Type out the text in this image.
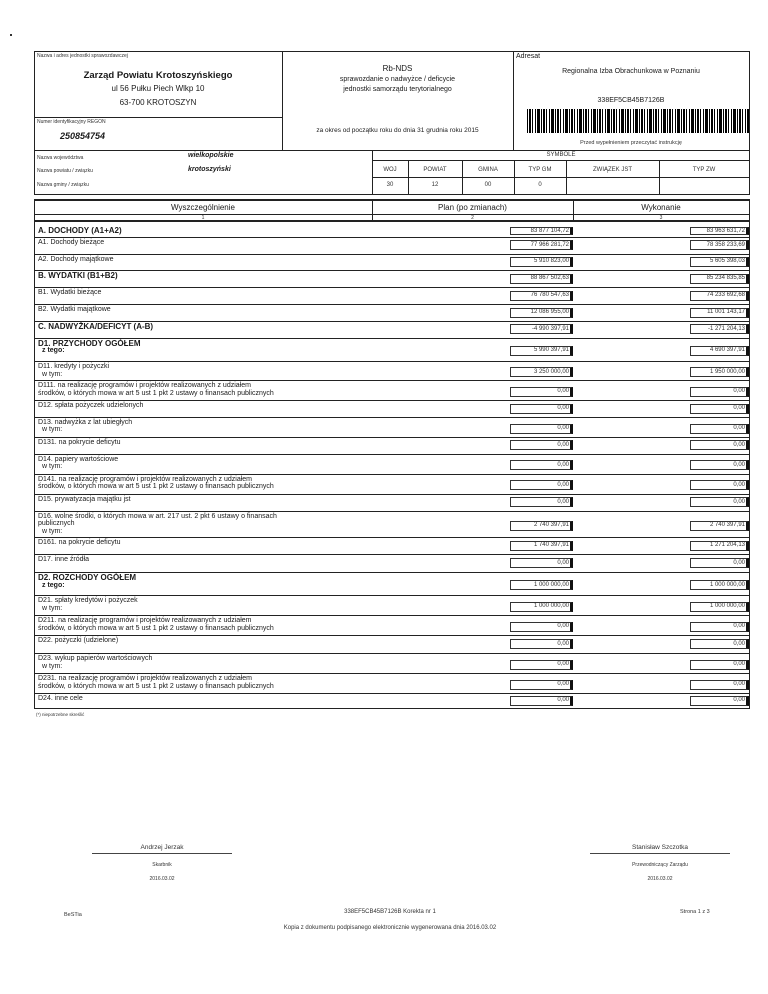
Nazwa i adres jednostki sprawozdawczej
Zarząd Powiatu Krotoszyńskiego
ul 56 Pułku Piech Wlkp 10
63-700 KROTOSZYN
Numer identyfikacyjny REGON
250854754
Rb-NDS
sprawozdanie o nadwyżce / deficycie
jednostki samorządu terytorialnego
za okres od początku roku do dnia 31 grudnia roku 2015
Adresat
Regionalna Izba Obrachunkowa w Poznaniu
338EF5CB45B7126B
Przed wypełnieniem przeczytać instrukcję
Nazwa województwa	wielkopolskie
Nazwa powiatu / związku	krotoszyński
Nazwa gminy / związku
SYMBOLE
WOJ	POWIAT	GMINA	TYP GM	ZWIĄZEK JST	TYP ZW
30	12	00	0
Wyszczególnienie	Plan (po zmianach)	Wykonanie
1	2	3
A. DOCHODY (A1+A2)	83 877 104,72	83 963 631,72
A1. Dochody bieżące	77 966 281,72	78 358 233,69
A2. Dochody majątkowe	5 910 823,00	5 605 398,03
B. WYDATKI (B1+B2)	88 867 502,63	85 234 835,85
B1. Wydatki bieżące	76 780 547,63	74 233 692,68
B2. Wydatki majątkowe	12 086 955,00	11 001 143,17
C. NADWYŻKA/DEFICYT (A-B)	-4 990 397,91	-1 271 204,13
D1. PRZYCHODY OGÓŁEM
z tego:	5 990 397,91	4 690 397,91
D11. kredyty i pożyczki
w tym:	3 250 000,00	1 950 000,00
D111. na realizację programów i projektów realizowanych z udziałem
środków, o których mowa w art 5 ust 1 pkt 2 ustawy o finansach publicznych	0,00	0,00
D12. spłata pożyczek udzielonych	0,00	0,00
D13. nadwyżka z lat ubiegłych
w tym:	0,00	0,00
D131. na pokrycie deficytu	0,00	0,00
D14. papiery wartościowe
w tym:	0,00	0,00
D141. na realizację programów i projektów realizowanych z udziałem
środków, o których mowa w art 5 ust 1 pkt 2 ustawy o finansach publicznych	0,00	0,00
D15. prywatyzacja majątku jst	0,00	0,00
D16. wolne środki, o których mowa w art. 217 ust. 2 pkt 6 ustawy o finansach
publicznych
w tym:
2 740 397,91	2 740 397,91
D161. na pokrycie deficytu	1 740 397,91	1 271 204,13
D17. inne źródła	0,00	0,00
D2. ROZCHODY OGÓŁEM
z tego:	1 000 000,00	1 000 000,00
D21. spłaty kredytów i pożyczek
w tym:	1 000 000,00	1 000 000,00
D211. na realizację programów i projektów realizowanych z udziałem
środków, o których mowa w art 5 ust 1 pkt 2 ustawy o finansach publicznych	0,00	0,00
D22. pożyczki (udzielone)	0,00	0,00
D23. wykup papierów wartościowych
w tym:	0,00	0,00
D231. na realizację programów i projektów realizowanych z udziałem
środków, o których mowa w art 5 ust 1 pkt 2 ustawy o finansach publicznych	0,00	0,00
D24. inne cele	0,00	0,00
(*) niepotrzebne skreślić
Andrzej Jerzak
Skarbnik
2016.03.02
Stanisław Szczotka
Przewodniczący Zarządu
2016.03.02
BeSTia	338EF5CB45B7126B Korekta nr 1	Strona 1 z 3
Kopia z dokumentu podpisanego elektronicznie wygenerowana dnia 2016.03.02
